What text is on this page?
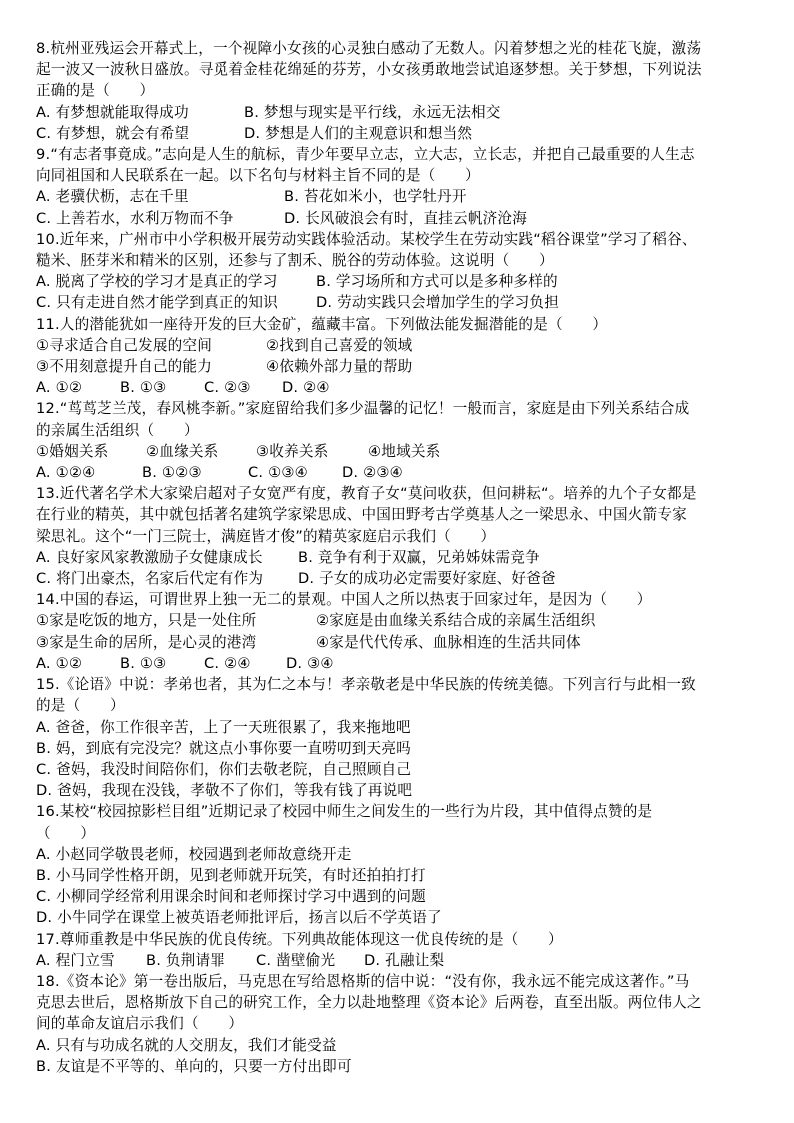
8.杭州亚残运会开幕式上，一个视障小女孩的心灵独白感动了无数人。闪着梦想之光的桂花飞旋，激荡
起一波又一波秋日盛放。寻觅着金桂花绵延的芬芳，小女孩勇敢地尝试追逐梦想。关于梦想，下列说法
正确的是（　　）
A. 有梦想就能取得成功	B. 梦想与现实是平行线，永远无法相交
C. 有梦想，就会有希望	D. 梦想是人们的主观意识和想当然
9.“有志者事竟成。”志向是人生的航标，青少年要早立志，立大志，立长志，并把自己最重要的人生志
向同祖国和人民联系在一起。以下名句与材料主旨不同的是（　　）
A. 老骥伏枥，志在千里	B. 苔花如米小，也学牡丹开
C. 上善若水，水利万物而不争	D. 长风破浪会有时，直挂云帆济沧海
10.近年来，广州市中小学积极开展劳动实践体验活动。某校学生在劳动实践“稻谷课堂”学习了稻谷、
糙米、胚芽米和精米的区别，还参与了割禾、脱谷的劳动体验。这说明（　　）
A. 脱离了学校的学习才是真正的学习	B. 学习场所和方式可以是多种多样的
C. 只有走进自然才能学到真正的知识	D. 劳动实践只会增加学生的学习负担
11.人的潜能犹如一座待开发的巨大金矿，蕴藏丰富。下列做法能发掘潜能的是（　　）
①寻求适合自己发展的空间	②找到自己喜爱的领域
③不用刻意提升自己的能力	④依赖外部力量的帮助
A. ①②	B. ①③	C. ②③	D. ②④
12.“茑茑芝兰茂，春风桃李新。”家庭留给我们多少温馨的记忆！一般而言，家庭是由下列关系结合成
的亲属生活组织（　　）
①婚姻关系	②血缘关系	③收养关系	④地域关系
A. ①②④	B. ①②③	C. ①③④	D. ②③④
13.近代著名学术大家梁启超对子女宽严有度，教育子女“莫问收获，但问耕耘“。培养的九个子女都是
在行业的精英，其中就包括著名建筑学家梁思成、中国田野考古学奠基人之一梁思永、中国火箭专家
梁思礼。这个“一门三院士，满庭皆才俊”的精英家庭启示我们（　　）
A. 良好家风家教激励子女健康成长	B. 竞争有利于双赢，兄弟姊妹需竞争
C. 将门出豪杰，名家后代定有作为	D. 子女的成功必定需要好家庭、好爸爸
14.中国的春运，可谓世界上独一无二的景观。中国人之所以热衷于回家过年，是因为（　　）
①家是吃饭的地方，只是一处住所	②家庭是由血缘关系结合成的亲属生活组织
③家是生命的居所，是心灵的港湾	④家是代代传承、血脉相连的生活共同体
A. ①②	B. ①③	C. ②④	D. ③④
15.《论语》中说：孝弟也者，其为仁之本与！孝亲敬老是中华民族的传统美德。下列言行与此相一致
的是（　　）
A. 爸爸，你工作很辛苦，上了一天班很累了，我来拖地吧
B. 妈，到底有完没完？就这点小事你要一直唠叨到天亮吗
C. 爸妈，我没时间陪你们，你们去敬老院，自己照顾自己
D. 爸妈，我现在没钱，孝敬不了你们，等我有钱了再说吧
16.某校“校园掠影栏目组”近期记录了校园中师生之间发生的一些行为片段，其中值得点赞的是
（　　）
A. 小赵同学敬畏老师，校园遇到老师故意绕开走
B. 小马同学性格开朗，见到老师就开玩笑，有时还拍拍打打
C. 小柳同学经常利用课余时间和老师探讨学习中遇到的问题
D. 小牛同学在课堂上被英语老师批评后，扬言以后不学英语了
17.尊师重教是中华民族的优良传统。下列典故能体现这一优良传统的是（　　）
A. 程门立雪	B. 负荆请罪	C. 凿壁偷光	D. 孔融让梨
18.《资本论》第一卷出版后，马克思在写给恩格斯的信中说：“没有你，我永远不能完成这著作。”马
克思去世后，恩格斯放下自己的研究工作，全力以赴地整理《资本论》后两卷，直至出版。两位伟人之
间的革命友谊启示我们（　　）
A. 只有与功成名就的人交朋友，我们才能受益
B. 友谊是不平等的、单向的，只要一方付出即可
